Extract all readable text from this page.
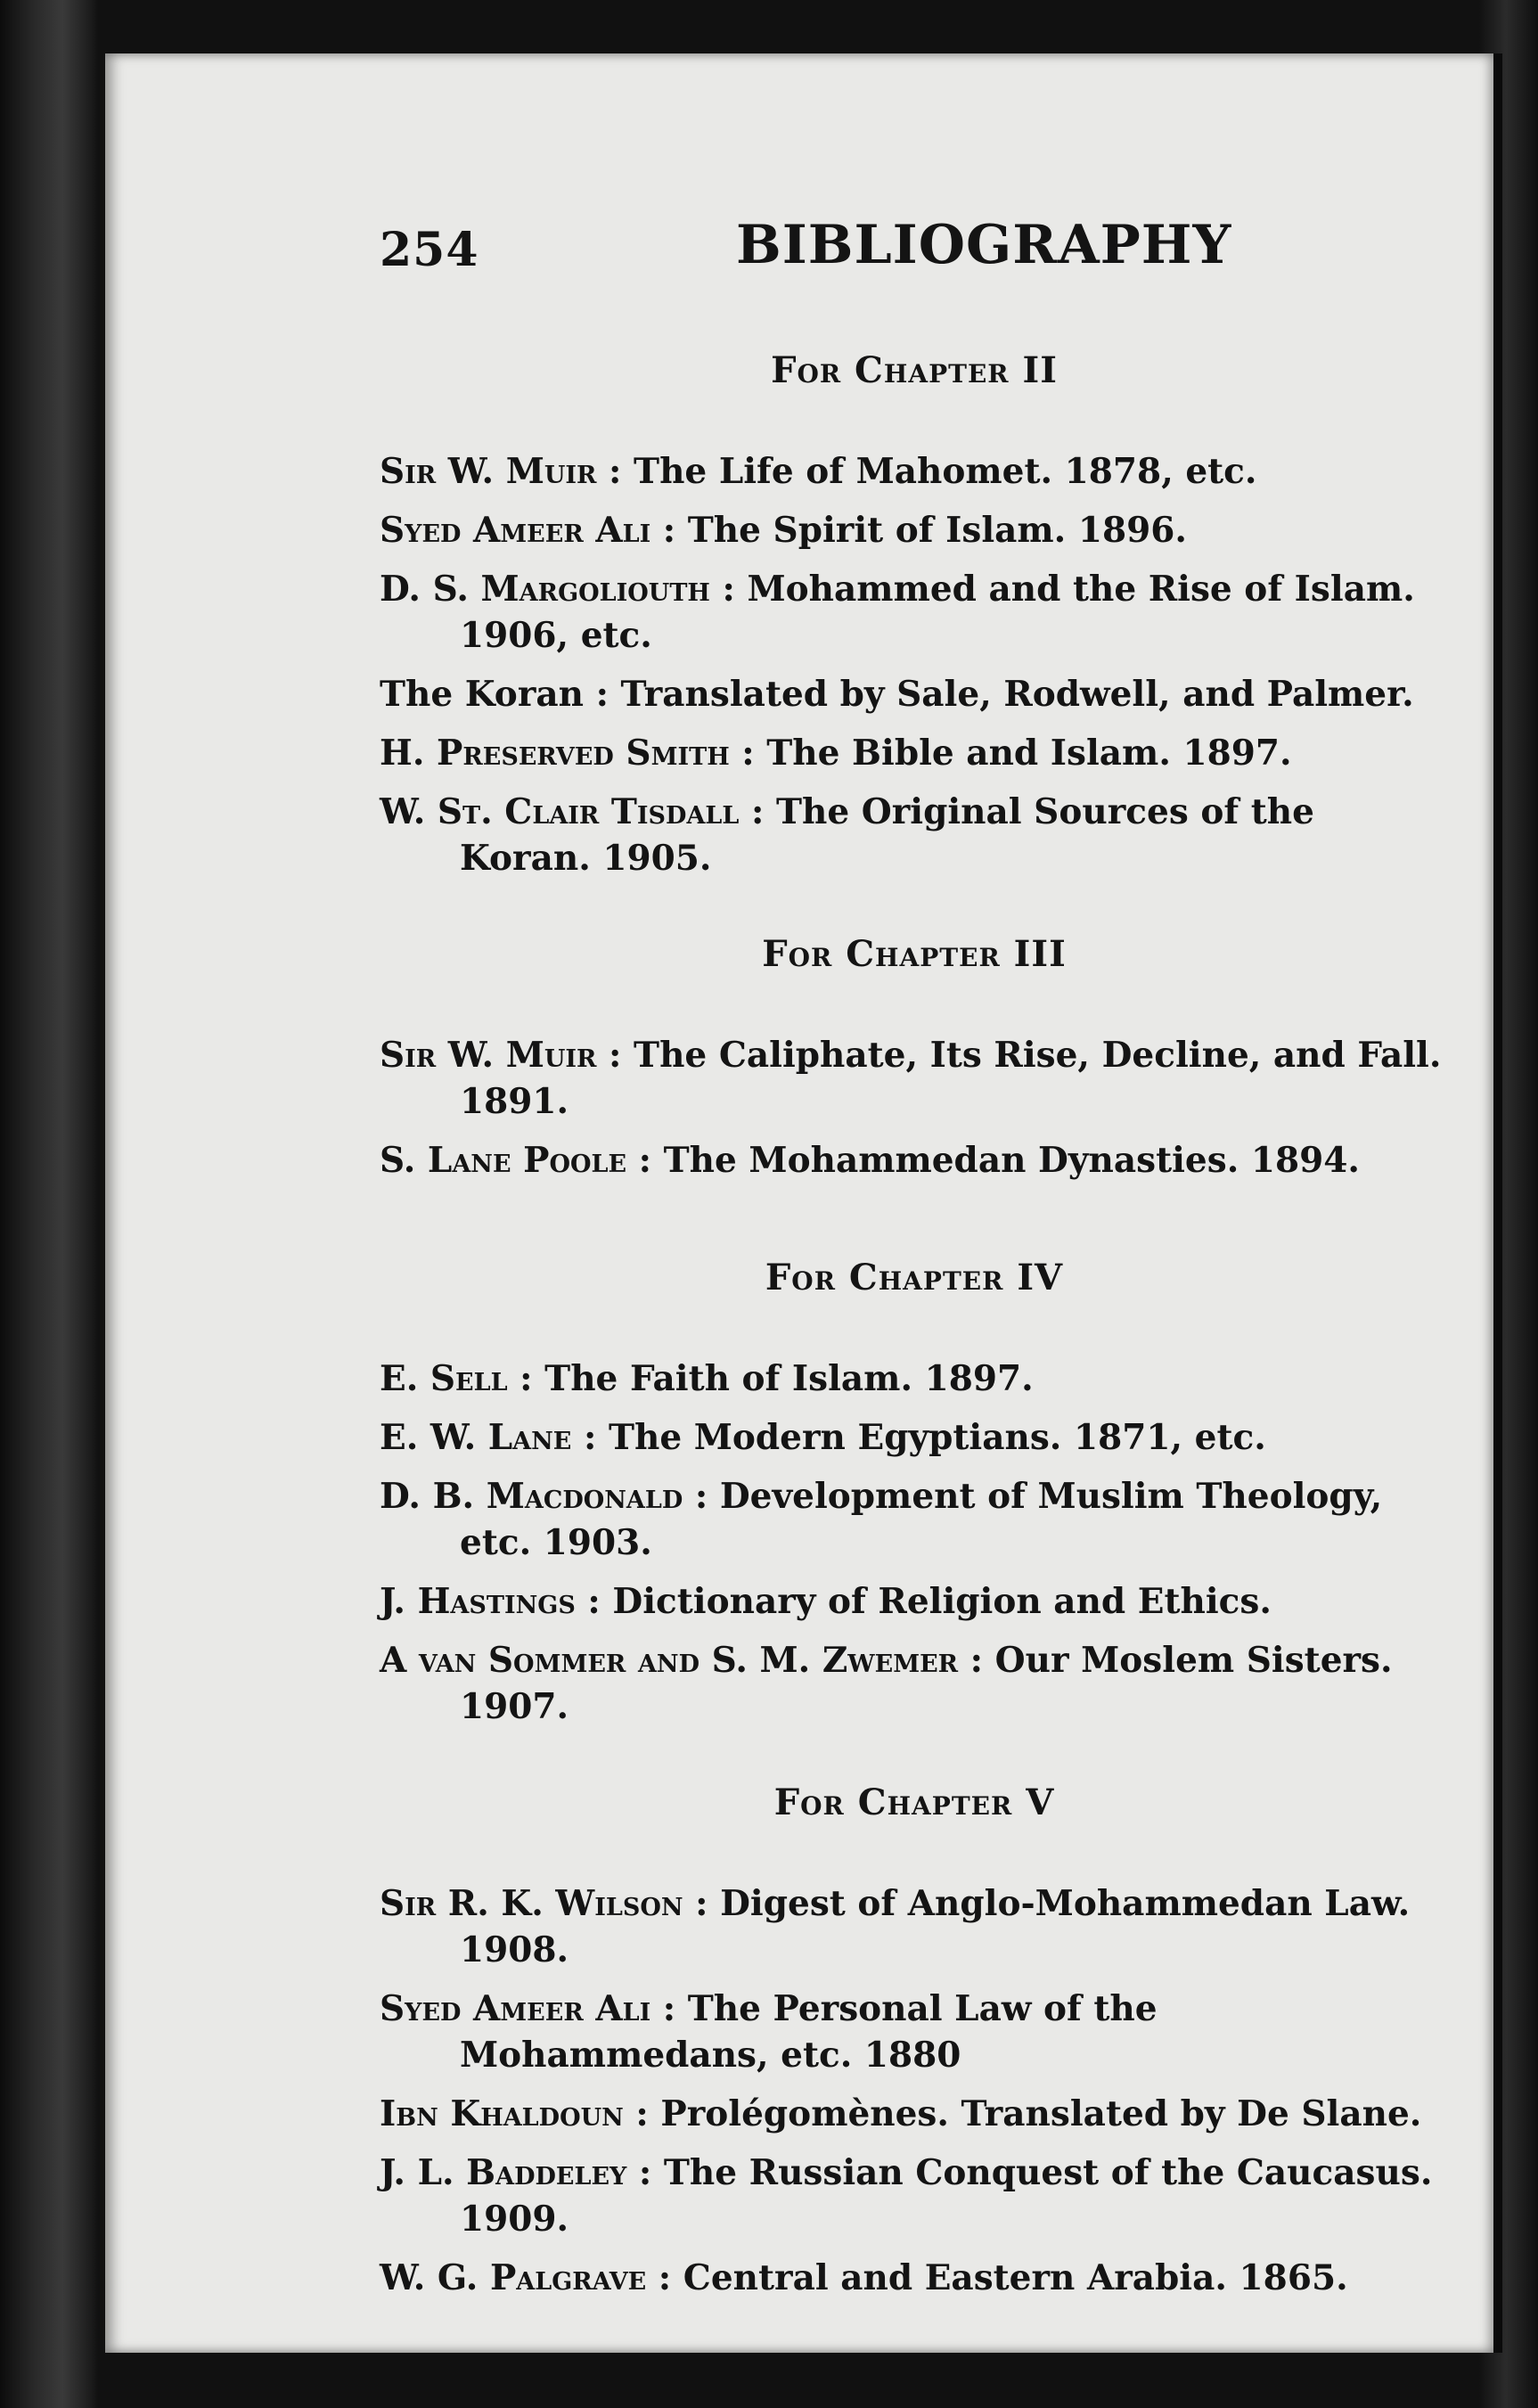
254	BIBLIOGRAPHY
For Chapter II
Sir W. Muir : The Life of Mahomet. 1878, etc.
Syed Ameer Ali : The Spirit of Islam. 1896.
D. S. Margoliouth : Mohammed and the Rise of Islam. 1906, etc.
The Koran : Translated by Sale, Rodwell, and Palmer.
H. Preserved Smith : The Bible and Islam. 1897.
W. St. Clair Tisdall : The Original Sources of the Koran. 1905.
For Chapter III
Sir W. Muir : The Caliphate, Its Rise, Decline, and Fall. 1891.
S. Lane Poole : The Mohammedan Dynasties. 1894.
For Chapter IV
E. Sell : The Faith of Islam. 1897.
E. W. Lane : The Modern Egyptians. 1871, etc.
D. B. Macdonald : Development of Muslim Theology, etc. 1903.
J. Hastings : Dictionary of Religion and Ethics.
A van Sommer and S. M. Zwemer : Our Moslem Sisters. 1907.
For Chapter V
Sir R. K. Wilson : Digest of Anglo-Mohammedan Law. 1908.
Syed Ameer Ali : The Personal Law of the Mohammedans, etc. 1880
Ibn Khaldoun : Prolégomènes. Translated by De Slane.
J. L. Baddeley : The Russian Conquest of the Caucasus. 1909.
W. G. Palgrave : Central and Eastern Arabia. 1865.
